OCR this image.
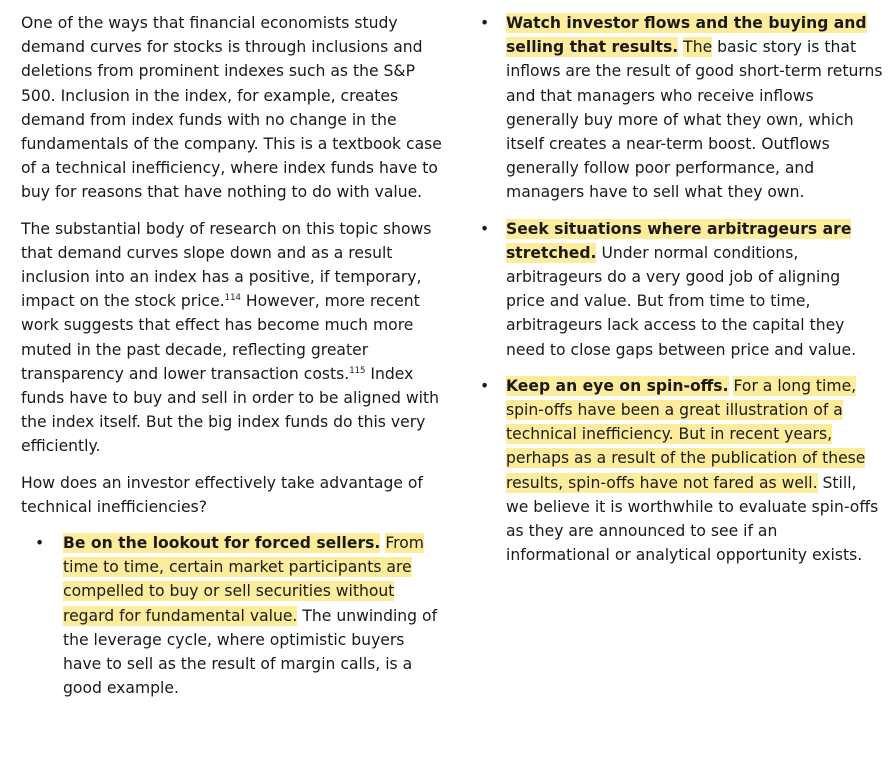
One of the ways that financial economists study demand curves for stocks is through inclusions and deletions from prominent indexes such as the S&P 500. Inclusion in the index, for example, creates demand from index funds with no change in the fundamentals of the company. This is a textbook case of a technical inefficiency, where index funds have to buy for reasons that have nothing to do with value.

The substantial body of research on this topic shows that demand curves slope down and as a result inclusion into an index has a positive, if temporary, impact on the stock price.$^{114}$ However, more recent work suggests that effect has become much more muted in the past decade, reflecting greater transparency and lower transaction costs.$^{115}$ Index funds have to buy and sell in order to be aligned with the index itself. But the big index funds do this very efficiently.

How does an investor effectively take advantage of technical inefficiencies?

•	Be on the lookout for forced sellers. From time to time, certain market participants are compelled to buy or sell securities without regard for fundamental value. The unwinding of the leverage cycle, where optimistic buyers have to sell as the result of margin calls, is a good example.
•	Watch investor flows and the buying and selling that results. The basic story is that inflows are the result of good short-term returns and that managers who receive inflows generally buy more of what they own, which itself creates a near-term boost. Outflows generally follow poor performance, and managers have to sell what they own.
•	Seek situations where arbitrageurs are stretched. Under normal conditions, arbitrageurs do a very good job of aligning price and value. But from time to time, arbitrageurs lack access to the capital they need to close gaps between price and value.
•	Keep an eye on spin-offs. For a long time, spin-offs have been a great illustration of a technical inefficiency. But in recent years, perhaps as a result of the publication of these results, spin-offs have not fared as well. Still, we believe it is worthwhile to evaluate spin-offs as they are announced to see if an informational or analytical opportunity exists.
